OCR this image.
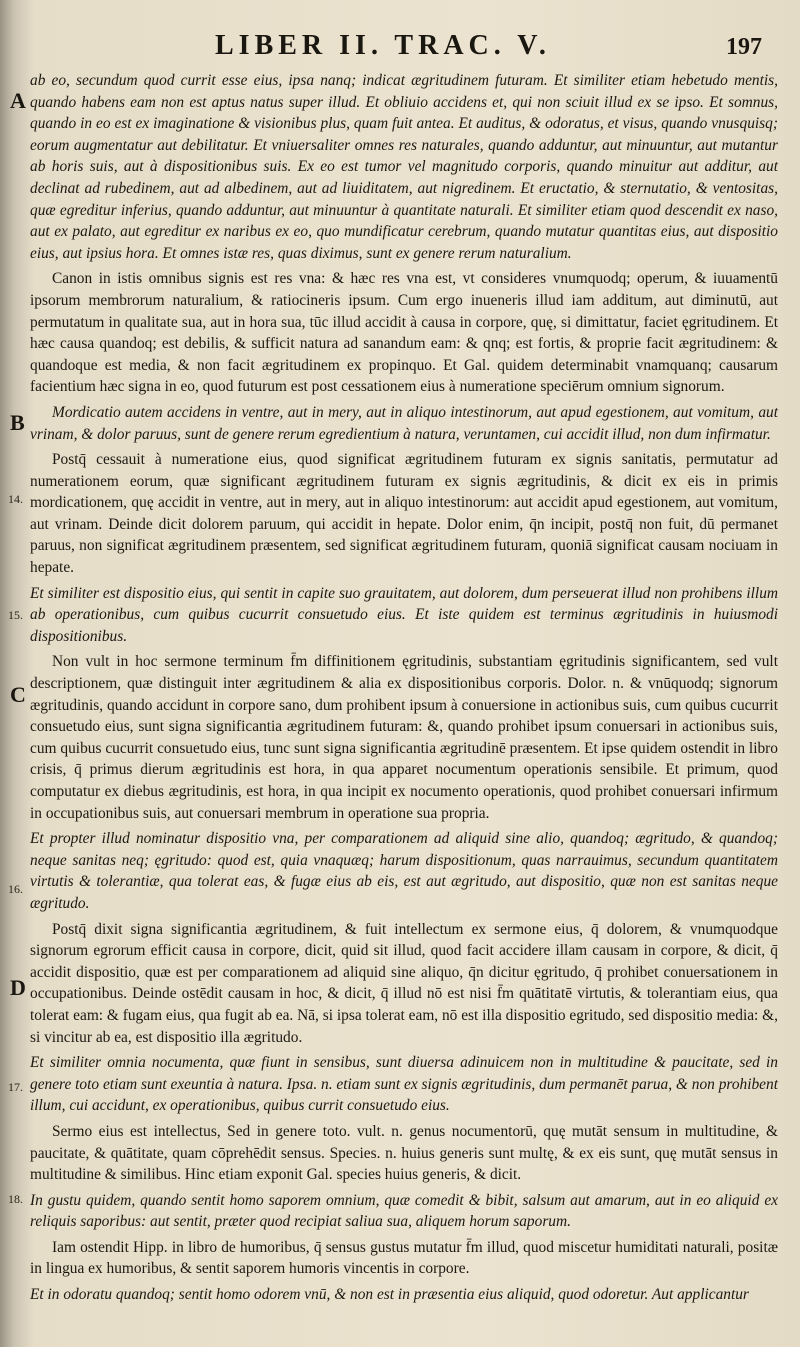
LIBER II. TRAC. V.	197
A
B
14.
15.
C
16.
D
17.
18.

ab eo, secundum quod currit esse eius, ipsa nanq; indicat ægritudinem futuram. Et similiter etiam hebetudo mentis, quando habens eam non est aptus natus super illud. Et obliuio accidens et, qui non sciuit illud ex se ipso. Et somnus, quando in eo est ex imaginatione & visionibus plus, quam fuit antea. Et auditus, & odoratus, et visus, quando vnusquisq; eorum augmentatur aut debilitatur. Et vniuersaliter omnes res naturales, quando adduntur, aut minuuntur, aut mutantur ab horis suis, aut à dispositionibus suis. Ex eo est tumor vel magnitudo corporis, quando minuitur aut additur, aut declinat ad rubedinem, aut ad albedinem, aut ad liuiditatem, aut nigredinem. Et eructatio, & sternutatio, & ventositas, quæ egreditur inferius, quando adduntur, aut minuuntur à quantitate naturali. Et similiter etiam quod descendit ex naso, aut ex palato, aut egreditur ex naribus ex eo, quo mundificatur cerebrum, quando mutatur quantitas eius, aut dispositio eius, aut ipsius hora. Et omnes istæ res, quas diximus, sunt ex genere rerum naturalium.

Canon in istis omnibus signis est res vna: & hæc res vna est, vt consideres vnumquodq; operum, & iuuamentū ipsorum membrorum naturalium, & ratiocineris ipsum. Cum ergo inueneris illud iam additum, aut diminutū, aut permutatum in qualitate sua, aut in hora sua, tūc illud accidit à causa in corpore, quę, si dimittatur, faciet ęgritudinem. Et hæc causa quandoq; est debilis, & sufficit natura ad sanandum eam: & qnq; est fortis, & proprie facit ægritudinem: & quandoque est media, & non facit ægritudinem ex propinquo. Et Gal. quidem determinabit vnamquanq; causarum facientium hæc signa in eo, quod futurum est post cessationem eius à numeratione speciērum omnium signorum.

Mordicatio autem accidens in ventre, aut in mery, aut in aliquo intestinorum, aut apud egestionem, aut vomitum, aut vrinam, & dolor paruus, sunt de genere rerum egredientium à natura, veruntamen, cui accidit illud, non dum infirmatur.

Postq̄ cessauit à numeratione eius, quod significat ægritudinem futuram ex signis sanitatis, permutatur ad numerationem eorum, quæ significant ægritudinem futuram ex signis ægritudinis, & dicit ex eis in primis mordicationem, quę accidit in ventre, aut in mery, aut in aliquo intestinorum: aut accidit apud egestionem, aut vomitum, aut vrinam. Deinde dicit dolorem paruum, qui accidit in hepate. Dolor enim, q̄n incipit, postq̄ non fuit, dū permanet paruus, non significat ægritudinem præsentem, sed significat ægritudinem futuram, quoniā significat causam nociuam in hepate.

Et similiter est dispositio eius, qui sentit in capite suo grauitatem, aut dolorem, dum perseuerat illud non prohibens illum ab operationibus, cum quibus cucurrit consuetudo eius. Et iste quidem est terminus ægritudinis in huiusmodi dispositionibus.

Non vult in hoc sermone terminum f̄m diffinitionem ęgritudinis, substantiam ęgritudinis significantem, sed vult descriptionem, quæ distinguit inter ægritudinem & alia ex dispositionibus corporis. Dolor. n. & vnūquodq; signorum ægritudinis, quando accidunt in corpore sano, dum prohibent ipsum à conuersione in actionibus suis, cum quibus cucurrit consuetudo eius, sunt signa significantia ægritudinem futuram: &, quando prohibet ipsum conuersari in actionibus suis, cum quibus cucurrit consuetudo eius, tunc sunt signa significantia ægritudinē præsentem. Et ipse quidem ostendit in libro crisis, q̄ primus dierum ægritudinis est hora, in qua apparet nocumentum operationis sensibile. Et primum, quod computatur ex diebus ægritudinis, est hora, in qua incipit ex nocumento operationis, quod prohibet conuersari infirmum in occupationibus suis, aut conuersari membrum in operatione sua propria.

Et propter illud nominatur dispositio vna, per comparationem ad aliquid sine alio, quandoq; ægritudo, & quandoq; neque sanitas neq; ęgritudo: quod est, quia vnaquæq; harum dispositionum, quas narrauimus, secundum quantitatem virtutis & tolerantiæ, qua tolerat eas, & fugæ eius ab eis, est aut ægritudo, aut dispositio, quæ non est sanitas neque ægritudo.

Postq̄ dixit signa significantia ægritudinem, & fuit intellectum ex sermone eius, q̄ dolorem, & vnumquodque signorum egrorum efficit causa in corpore, dicit, quid sit illud, quod facit accidere illam causam in corpore, & dicit, q̄ accidit dispositio, quæ est per comparationem ad aliquid sine aliquo, q̄n dicitur ęgritudo, q̄ prohibet conuersationem in occupationibus. Deinde ostēdit causam in hoc, & dicit, q̄ illud nō est nisi f̄m quātitatē virtutis, & tolerantiam eius, qua tolerat eam: & fugam eius, qua fugit ab ea. Nā, si ipsa tolerat eam, nō est illa dispositio egritudo, sed dispositio media: &, si vincitur ab ea, est dispositio illa ægritudo.

Et similiter omnia nocumenta, quæ fiunt in sensibus, sunt diuersa adinuicem non in multitudine & paucitate, sed in genere toto etiam sunt exeuntia à natura. Ipsa. n. etiam sunt ex signis ægritudinis, dum permanēt parua, & non prohibent illum, cui accidunt, ex operationibus, quibus currit consuetudo eius.

Sermo eius est intellectus, Sed in genere toto. vult. n. genus nocumentorū, quę mutāt sensum in multitudine, & paucitate, & quātitate, quam cōprehēdit sensus. Species. n. huius generis sunt multę, & ex eis sunt, quę mutāt sensus in multitudine & similibus. Hinc etiam exponit Gal. species huius generis, & dicit.

In gustu quidem, quando sentit homo saporem omnium, quæ comedit & bibit, salsum aut amarum, aut in eo aliquid ex reliquis saporibus: aut sentit, præter quod recipiat saliua sua, aliquem horum saporum.

Iam ostendit Hipp. in libro de humoribus, q̄ sensus gustus mutatur f̄m illud, quod miscetur humiditati naturali, positæ in lingua ex humoribus, & sentit saporem humoris vincentis in corpore.

Et in odoratu quandoq; sentit homo odorem vnū, & non est in præsentia eius aliquid, quod odoretur. Aut applicantur
